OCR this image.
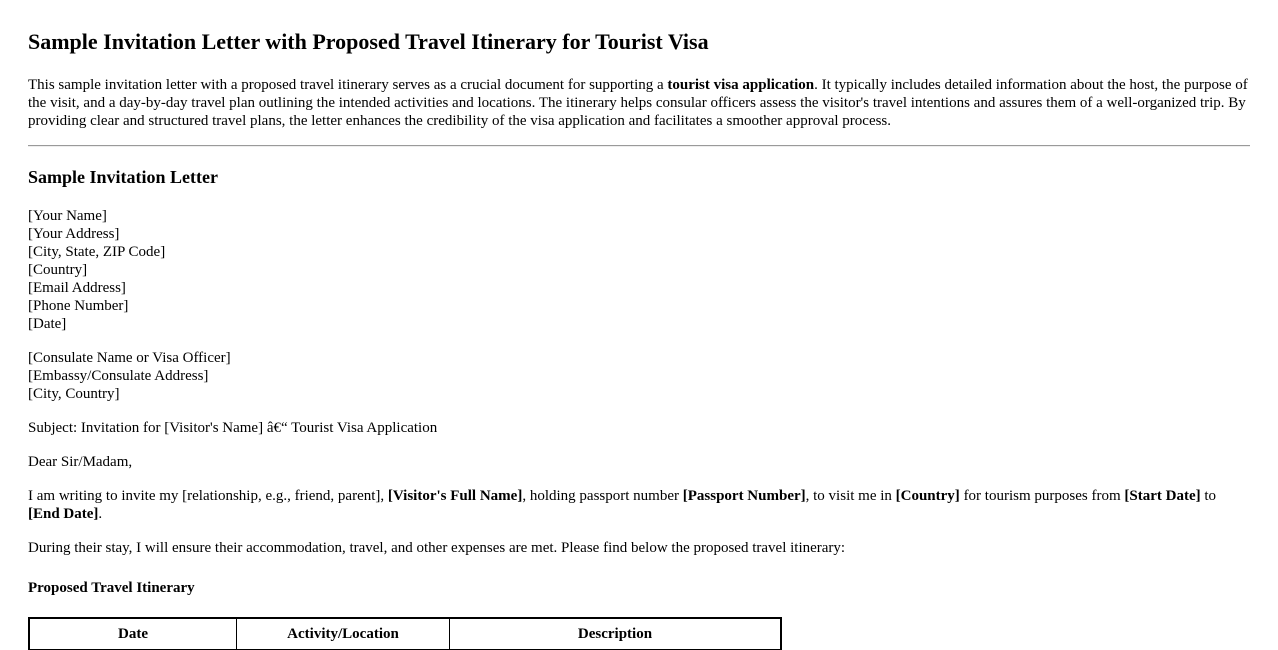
Sample Invitation Letter with Proposed Travel Itinerary for Tourist Visa

This sample invitation letter with a proposed travel itinerary serves as a crucial document for supporting a tourist visa application. It typically includes detailed information about the host, the purpose of the visit, and a day-by-day travel plan outlining the intended activities and locations. The itinerary helps consular officers assess the visitor's travel intentions and assures them of a well-organized trip. By providing clear and structured travel plans, the letter enhances the credibility of the visa application and facilitates a smoother approval process.

Sample Invitation Letter

[Your Name]
[Your Address]
[City, State, ZIP Code]
[Country]
[Email Address]
[Phone Number]
[Date]

[Consulate Name or Visa Officer]
[Embassy/Consulate Address]
[City, Country]

Subject: Invitation for [Visitor's Name] â€“ Tourist Visa Application

Dear Sir/Madam,

I am writing to invite my [relationship, e.g., friend, parent], [Visitor's Full Name], holding passport number [Passport Number], to visit me in [Country] for tourism purposes from [Start Date] to [End Date].

During their stay, I will ensure their accommodation, travel, and other expenses are met. Please find below the proposed travel itinerary:

Proposed Travel Itinerary
Date	Activity/Location	Description
